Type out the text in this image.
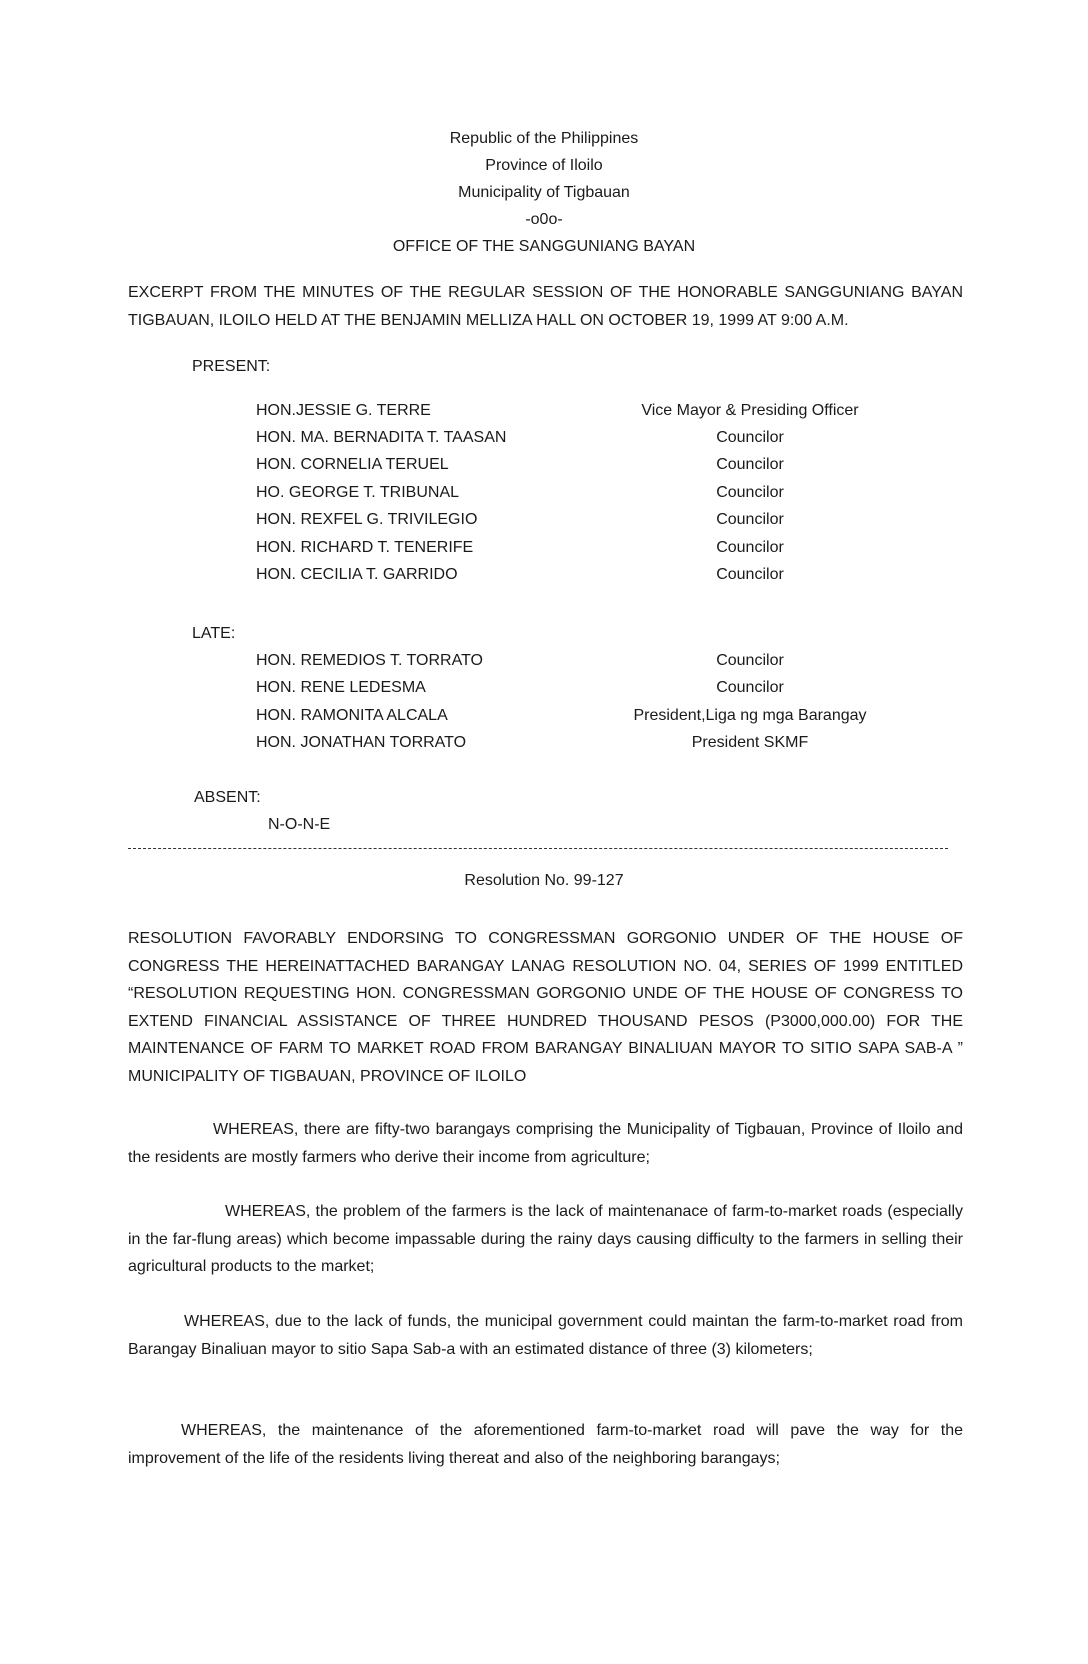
Republic of the Philippines
Province of Iloilo
Municipality of Tigbauan
-o0o-
OFFICE OF THE SANGGUNIANG BAYAN

EXCERPT FROM THE MINUTES OF THE REGULAR SESSION OF THE HONORABLE SANGGUNIANG BAYAN TIGBAUAN, ILOILO HELD AT THE BENJAMIN MELLIZA HALL ON OCTOBER 19, 1999 AT 9:00 A.M.

PRESENT:
HON.JESSIE G. TERRE	Vice Mayor & Presiding Officer
HON. MA. BERNADITA T. TAASAN	Councilor
HON. CORNELIA TERUEL	Councilor
HO. GEORGE T. TRIBUNAL	Councilor
HON. REXFEL G. TRIVILEGIO	Councilor
HON. RICHARD T. TENERIFE	Councilor
HON. CECILIA T. GARRIDO	Councilor
LATE:
HON. REMEDIOS T. TORRATO	Councilor
HON. RENE LEDESMA	Councilor
HON. RAMONITA ALCALA	President,Liga ng mga Barangay
HON. JONATHAN TORRATO	President SKMF
ABSENT:
N-O-N-E
Resolution No. 99-127

RESOLUTION FAVORABLY ENDORSING TO CONGRESSMAN GORGONIO UNDER OF THE HOUSE OF CONGRESS THE HEREINATTACHED BARANGAY LANAG RESOLUTION NO. 04, SERIES OF 1999 ENTITLED “RESOLUTION REQUESTING HON. CONGRESSMAN GORGONIO UNDE OF THE HOUSE OF CONGRESS TO EXTEND FINANCIAL ASSISTANCE OF THREE HUNDRED THOUSAND PESOS (P3000,000.00) FOR THE MAINTENANCE OF FARM TO MARKET ROAD FROM BARANGAY BINALIUAN MAYOR TO SITIO SAPA SAB-A ” MUNICIPALITY OF TIGBAUAN, PROVINCE OF ILOILO

WHEREAS, there are fifty-two barangays comprising the Municipality of Tigbauan, Province of Iloilo and the residents are mostly farmers who derive their income from agriculture;

WHEREAS, the problem of the farmers is the lack of maintenanace of farm-to-market roads (especially in the far-flung areas) which become impassable during the rainy days causing difficulty to the farmers in selling their agricultural products to the market;

WHEREAS, due to the lack of funds, the municipal government could maintan the farm-to-market road from Barangay Binaliuan mayor to sitio Sapa Sab-a with an estimated distance of three (3) kilometers;

WHEREAS, the maintenance of the aforementioned farm-to-market road will pave the way for the improvement of the life of the residents living thereat and also of the neighboring barangays;
